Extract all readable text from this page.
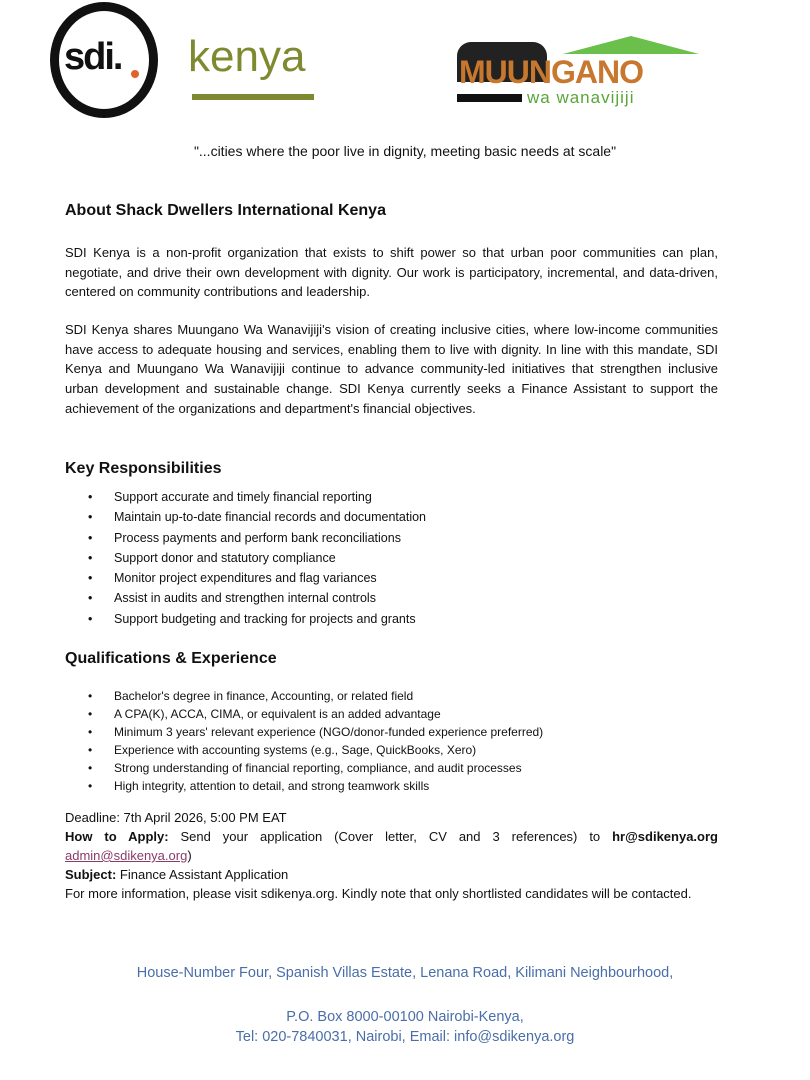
sdi. kenya	MUUNGANO
wa wanavijiji
"...cities where the poor live in dignity, meeting basic needs at scale"
About Shack Dwellers International Kenya

SDI Kenya is a non-profit organization that exists to shift power so that urban poor communities can plan, negotiate, and drive their own development with dignity. Our work is participatory, incremental, and data-driven, centered on community contributions and leadership.

SDI Kenya shares Muungano Wa Wanavijiji's vision of creating inclusive cities, where low-income communities have access to adequate housing and services, enabling them to live with dignity. In line with this mandate, SDI Kenya and Muungano Wa Wanavijiji continue to advance community-led initiatives that strengthen inclusive urban development and sustainable change. SDI Kenya currently seeks a Finance Assistant to support the achievement of the organizations and department's financial objectives.

Key Responsibilities
• Support accurate and timely financial reporting
• Maintain up-to-date financial records and documentation
• Process payments and perform bank reconciliations
• Support donor and statutory compliance
• Monitor project expenditures and flag variances
• Assist in audits and strengthen internal controls
• Support budgeting and tracking for projects and grants
Qualifications & Experience
• Bachelor's degree in finance, Accounting, or related field
• A CPA(K), ACCA, CIMA, or equivalent is an added advantage
• Minimum 3 years' relevant experience (NGO/donor-funded experience preferred)
• Experience with accounting systems (e.g., Sage, QuickBooks, Xero)
• Strong understanding of financial reporting, compliance, and audit processes
• High integrity, attention to detail, and strong teamwork skills
Deadline: 7th April 2026, 5:00 PM EAT
How to Apply: Send your application (Cover letter, CV and 3 references) to hr@sdikenya.org
admin@sdikenya.org)
Subject: Finance Assistant Application
For more information, please visit sdikenya.org. Kindly note that only shortlisted candidates will be contacted.
House-Number Four, Spanish Villas Estate, Lenana Road, Kilimani Neighbourhood,
P.O. Box 8000-00100 Nairobi-Kenya,
Tel: 020-7840031, Nairobi, Email: info@sdikenya.org
